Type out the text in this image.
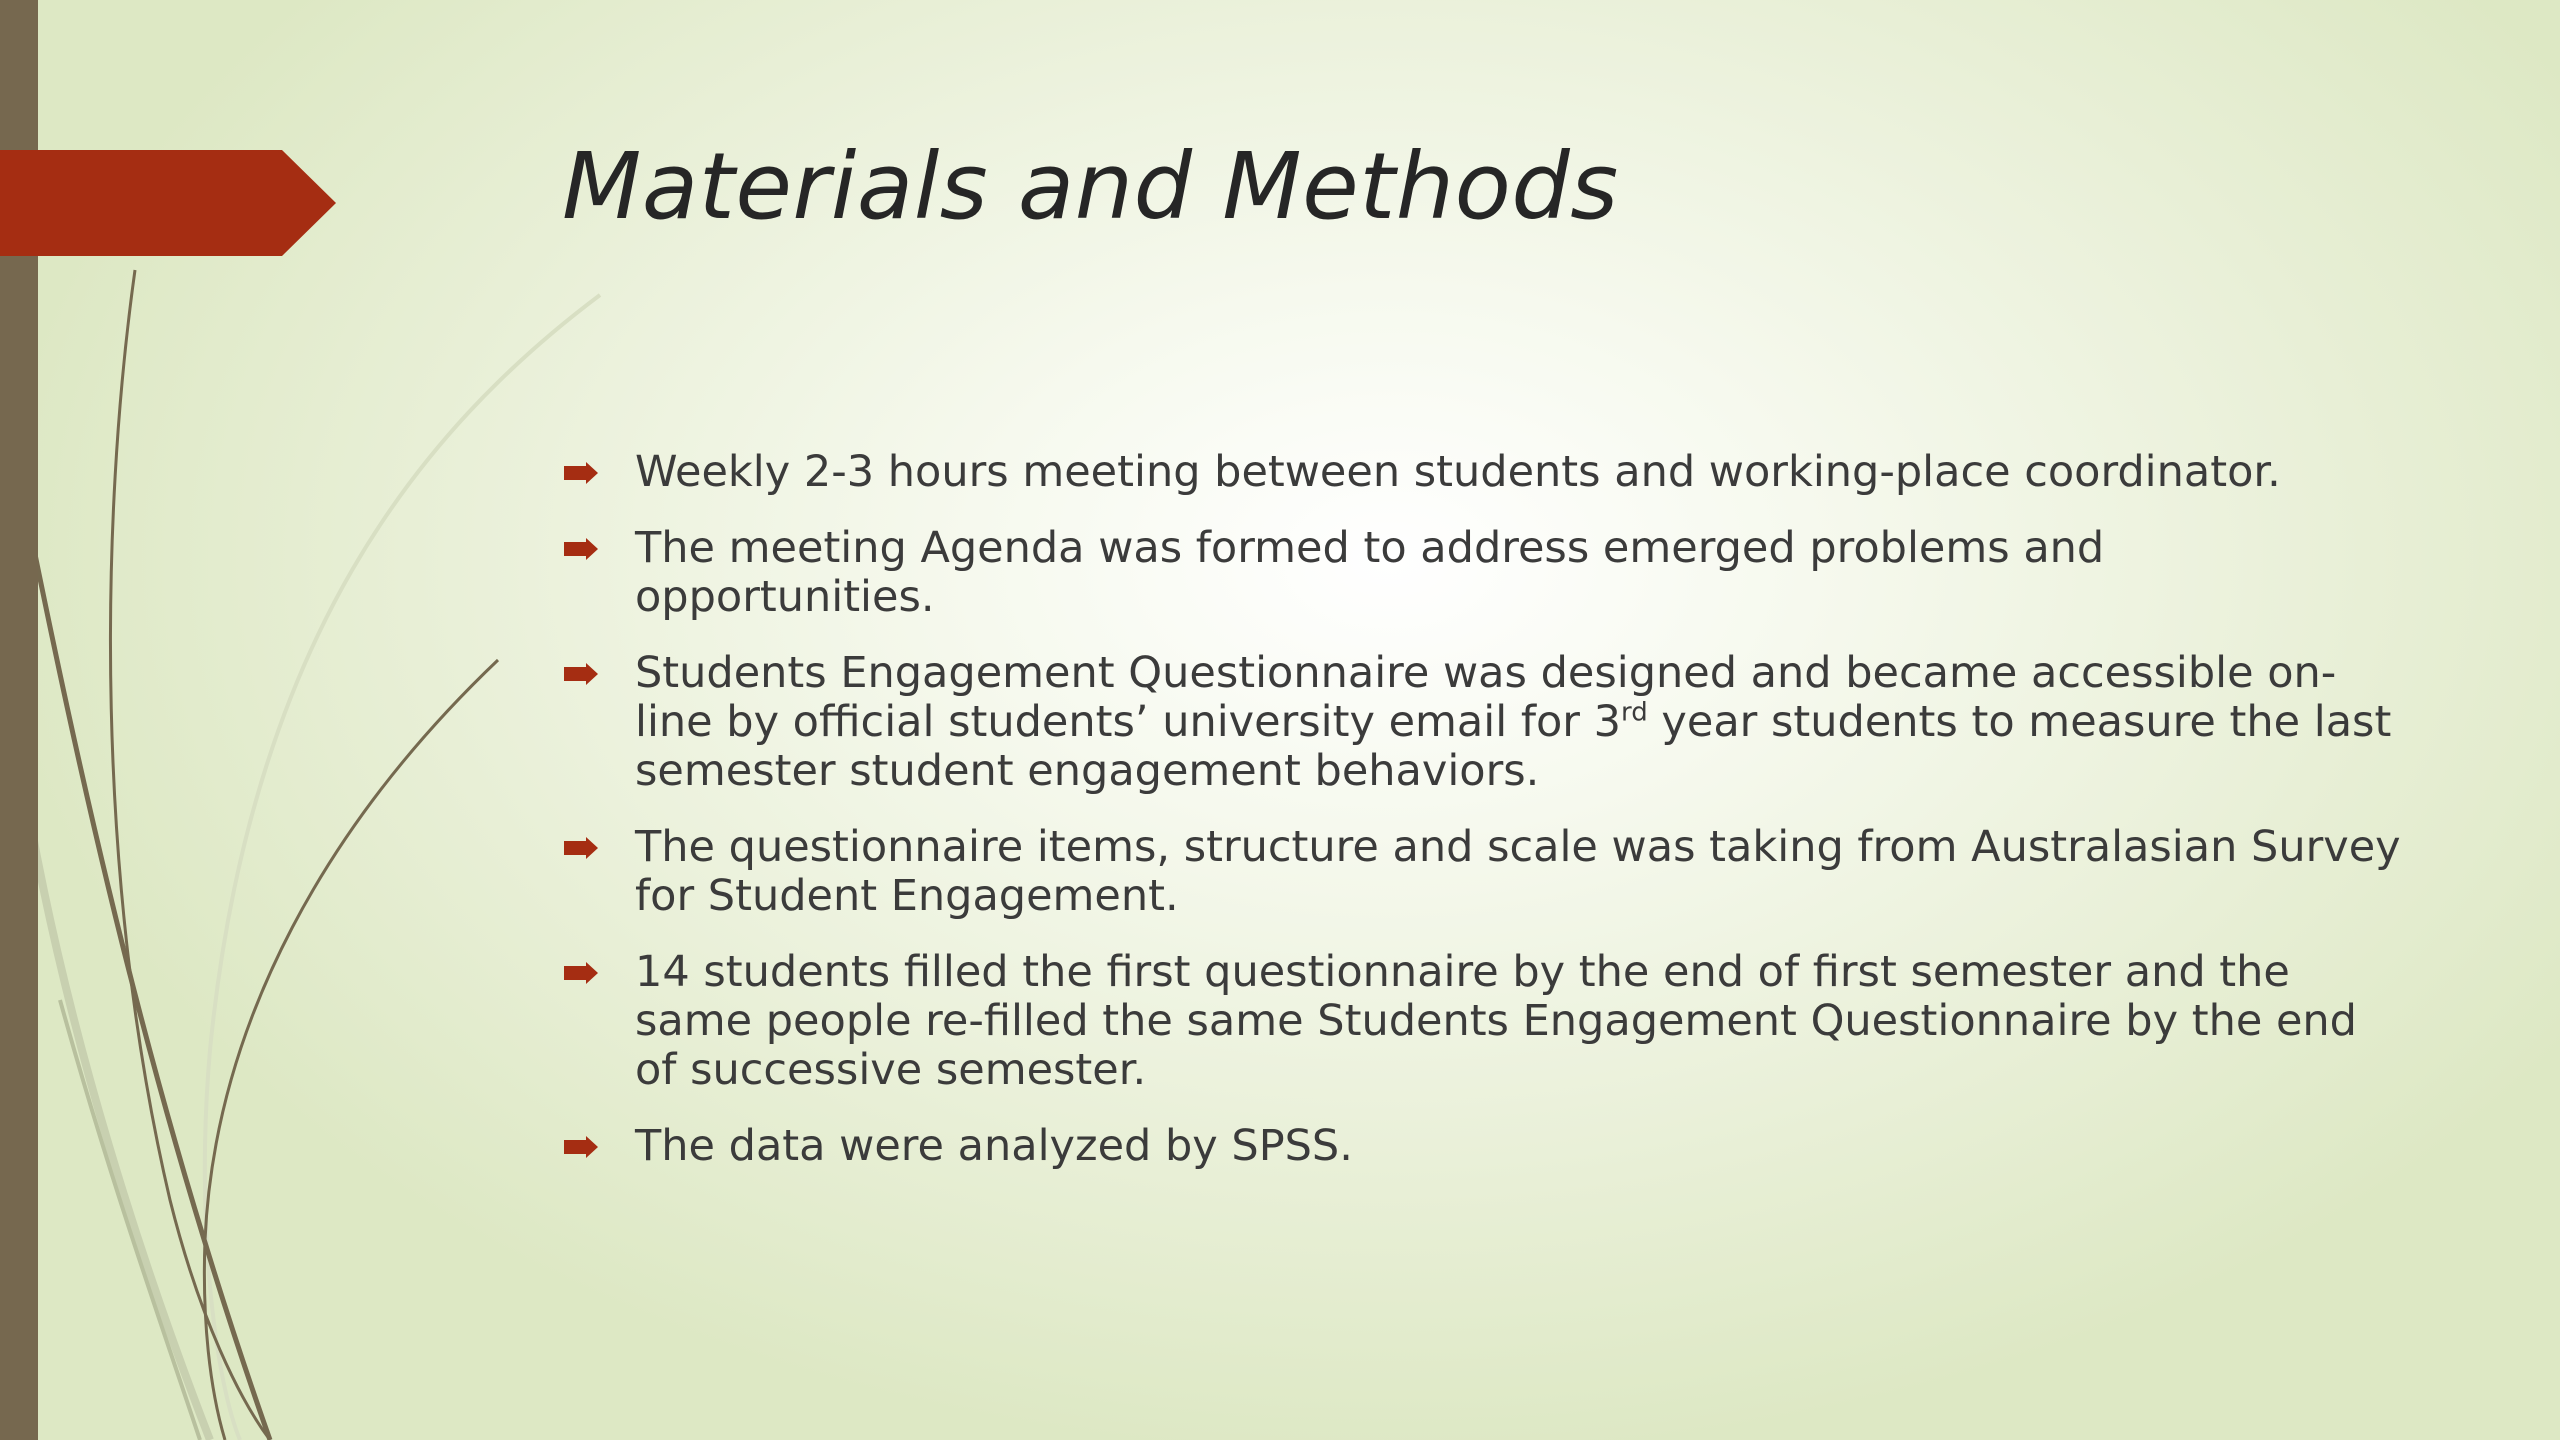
Materials and Methods
Weekly 2-3 hours meeting between students and working-place coordinator.
The meeting Agenda was formed to address emerged problems and opportunities.
Students Engagement Questionnaire was designed and became accessible on-line by official students’ university email for 3rd year students to measure the last semester student engagement behaviors.
The questionnaire items, structure and scale was taking from Australasian Survey for Student Engagement.
14 students filled the first questionnaire by the end of first semester and the same people re-filled the same Students Engagement Questionnaire by the end of successive semester.
The data were analyzed by SPSS.
